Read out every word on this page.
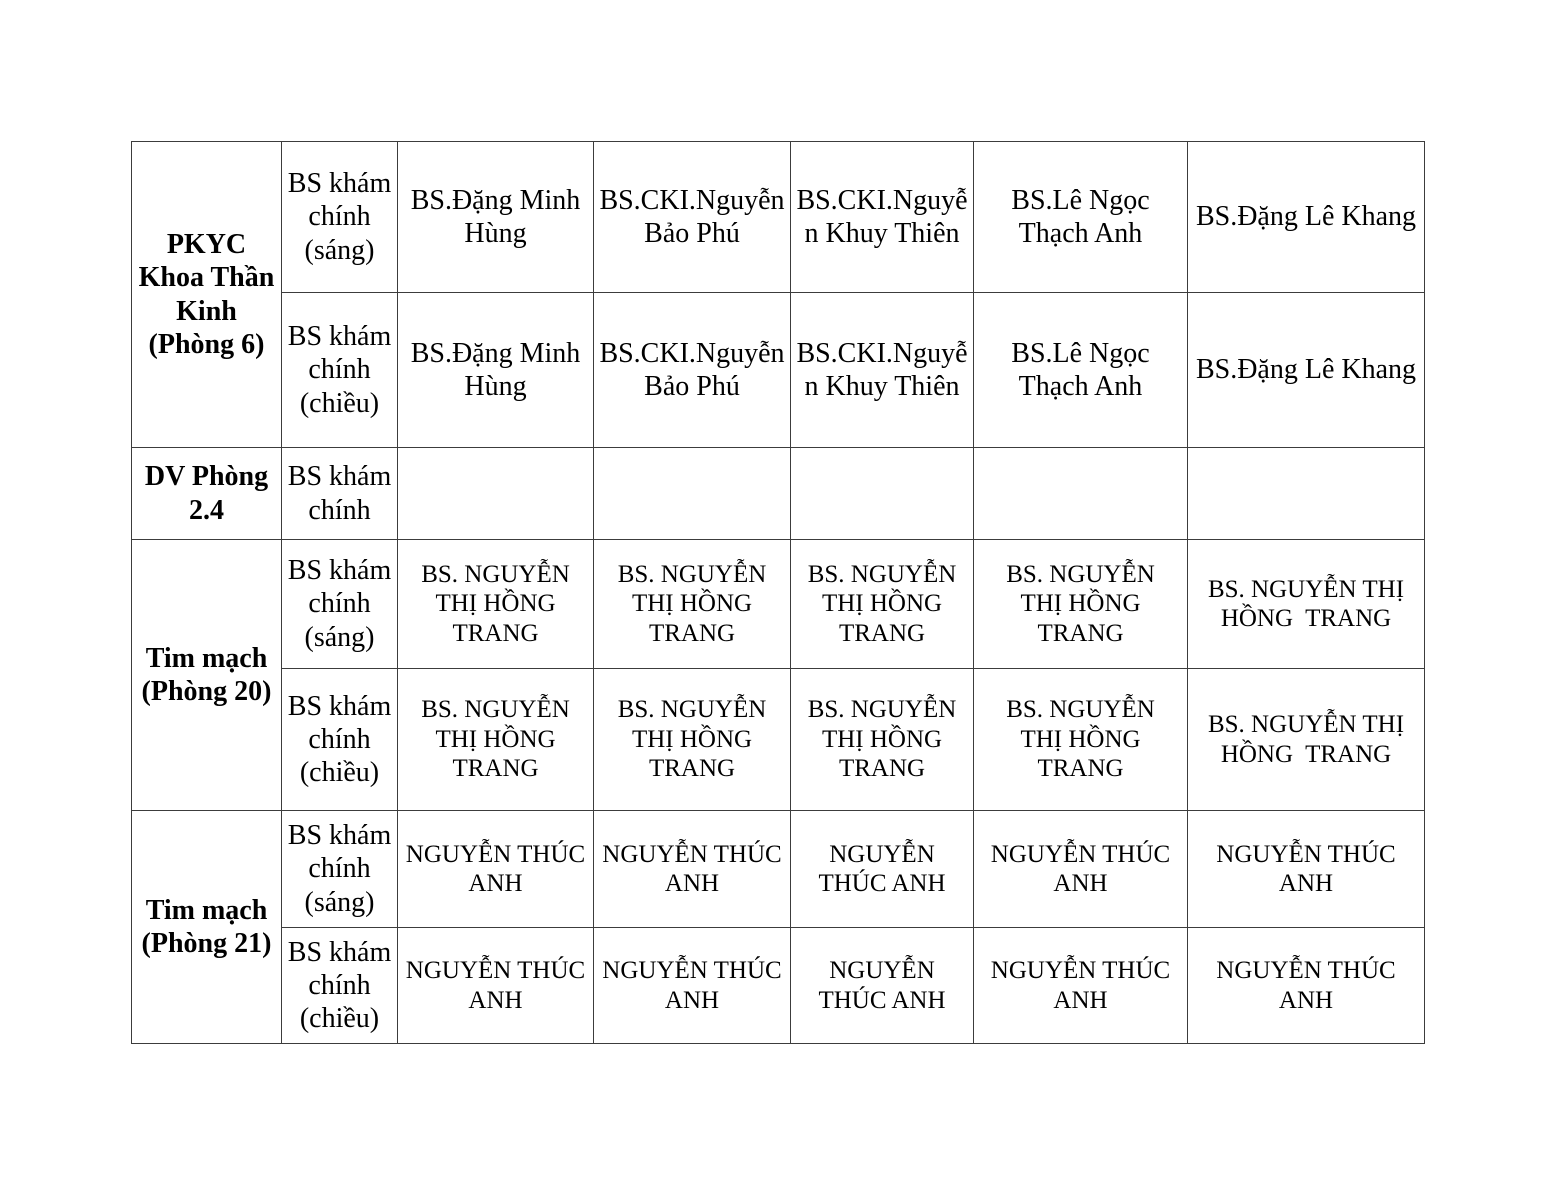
PKYC Khoa Thần Kinh (Phòng 6)	BS khám chính (sáng)	BS.Đặng Minh Hùng	BS.CKI.Nguyễn Bảo Phú	BS.CKI.Nguyễn Khuy Thiên	BS.Lê Ngọc Thạch Anh	BS.Đặng Lê Khang
	BS khám chính (chiều)	BS.Đặng Minh Hùng	BS.CKI.Nguyễn Bảo Phú	BS.CKI.Nguyễn Khuy Thiên	BS.Lê Ngọc Thạch Anh	BS.Đặng Lê Khang
DV Phòng 2.4	BS khám chính					
Tim mạch (Phòng 20)	BS khám chính (sáng)	BS. NGUYỄN THỊ HỒNG TRANG	BS. NGUYỄN THỊ HỒNG TRANG	BS. NGUYỄN THỊ HỒNG TRANG	BS. NGUYỄN THỊ HỒNG TRANG	BS. NGUYỄN THỊ HỒNG  TRANG
	BS khám chính (chiều)	BS. NGUYỄN THỊ HỒNG TRANG	BS. NGUYỄN THỊ HỒNG TRANG	BS. NGUYỄN THỊ HỒNG TRANG	BS. NGUYỄN THỊ HỒNG TRANG	BS. NGUYỄN THỊ HỒNG  TRANG
Tim mạch (Phòng 21)	BS khám chính (sáng)	NGUYỄN THÚC ANH	NGUYỄN THÚC ANH	NGUYỄN THÚC ANH	NGUYỄN THÚC ANH	NGUYỄN THÚC ANH
	BS khám chính (chiều)	NGUYỄN THÚC ANH	NGUYỄN THÚC ANH	NGUYỄN THÚC ANH	NGUYỄN THÚC ANH	NGUYỄN THÚC ANH
